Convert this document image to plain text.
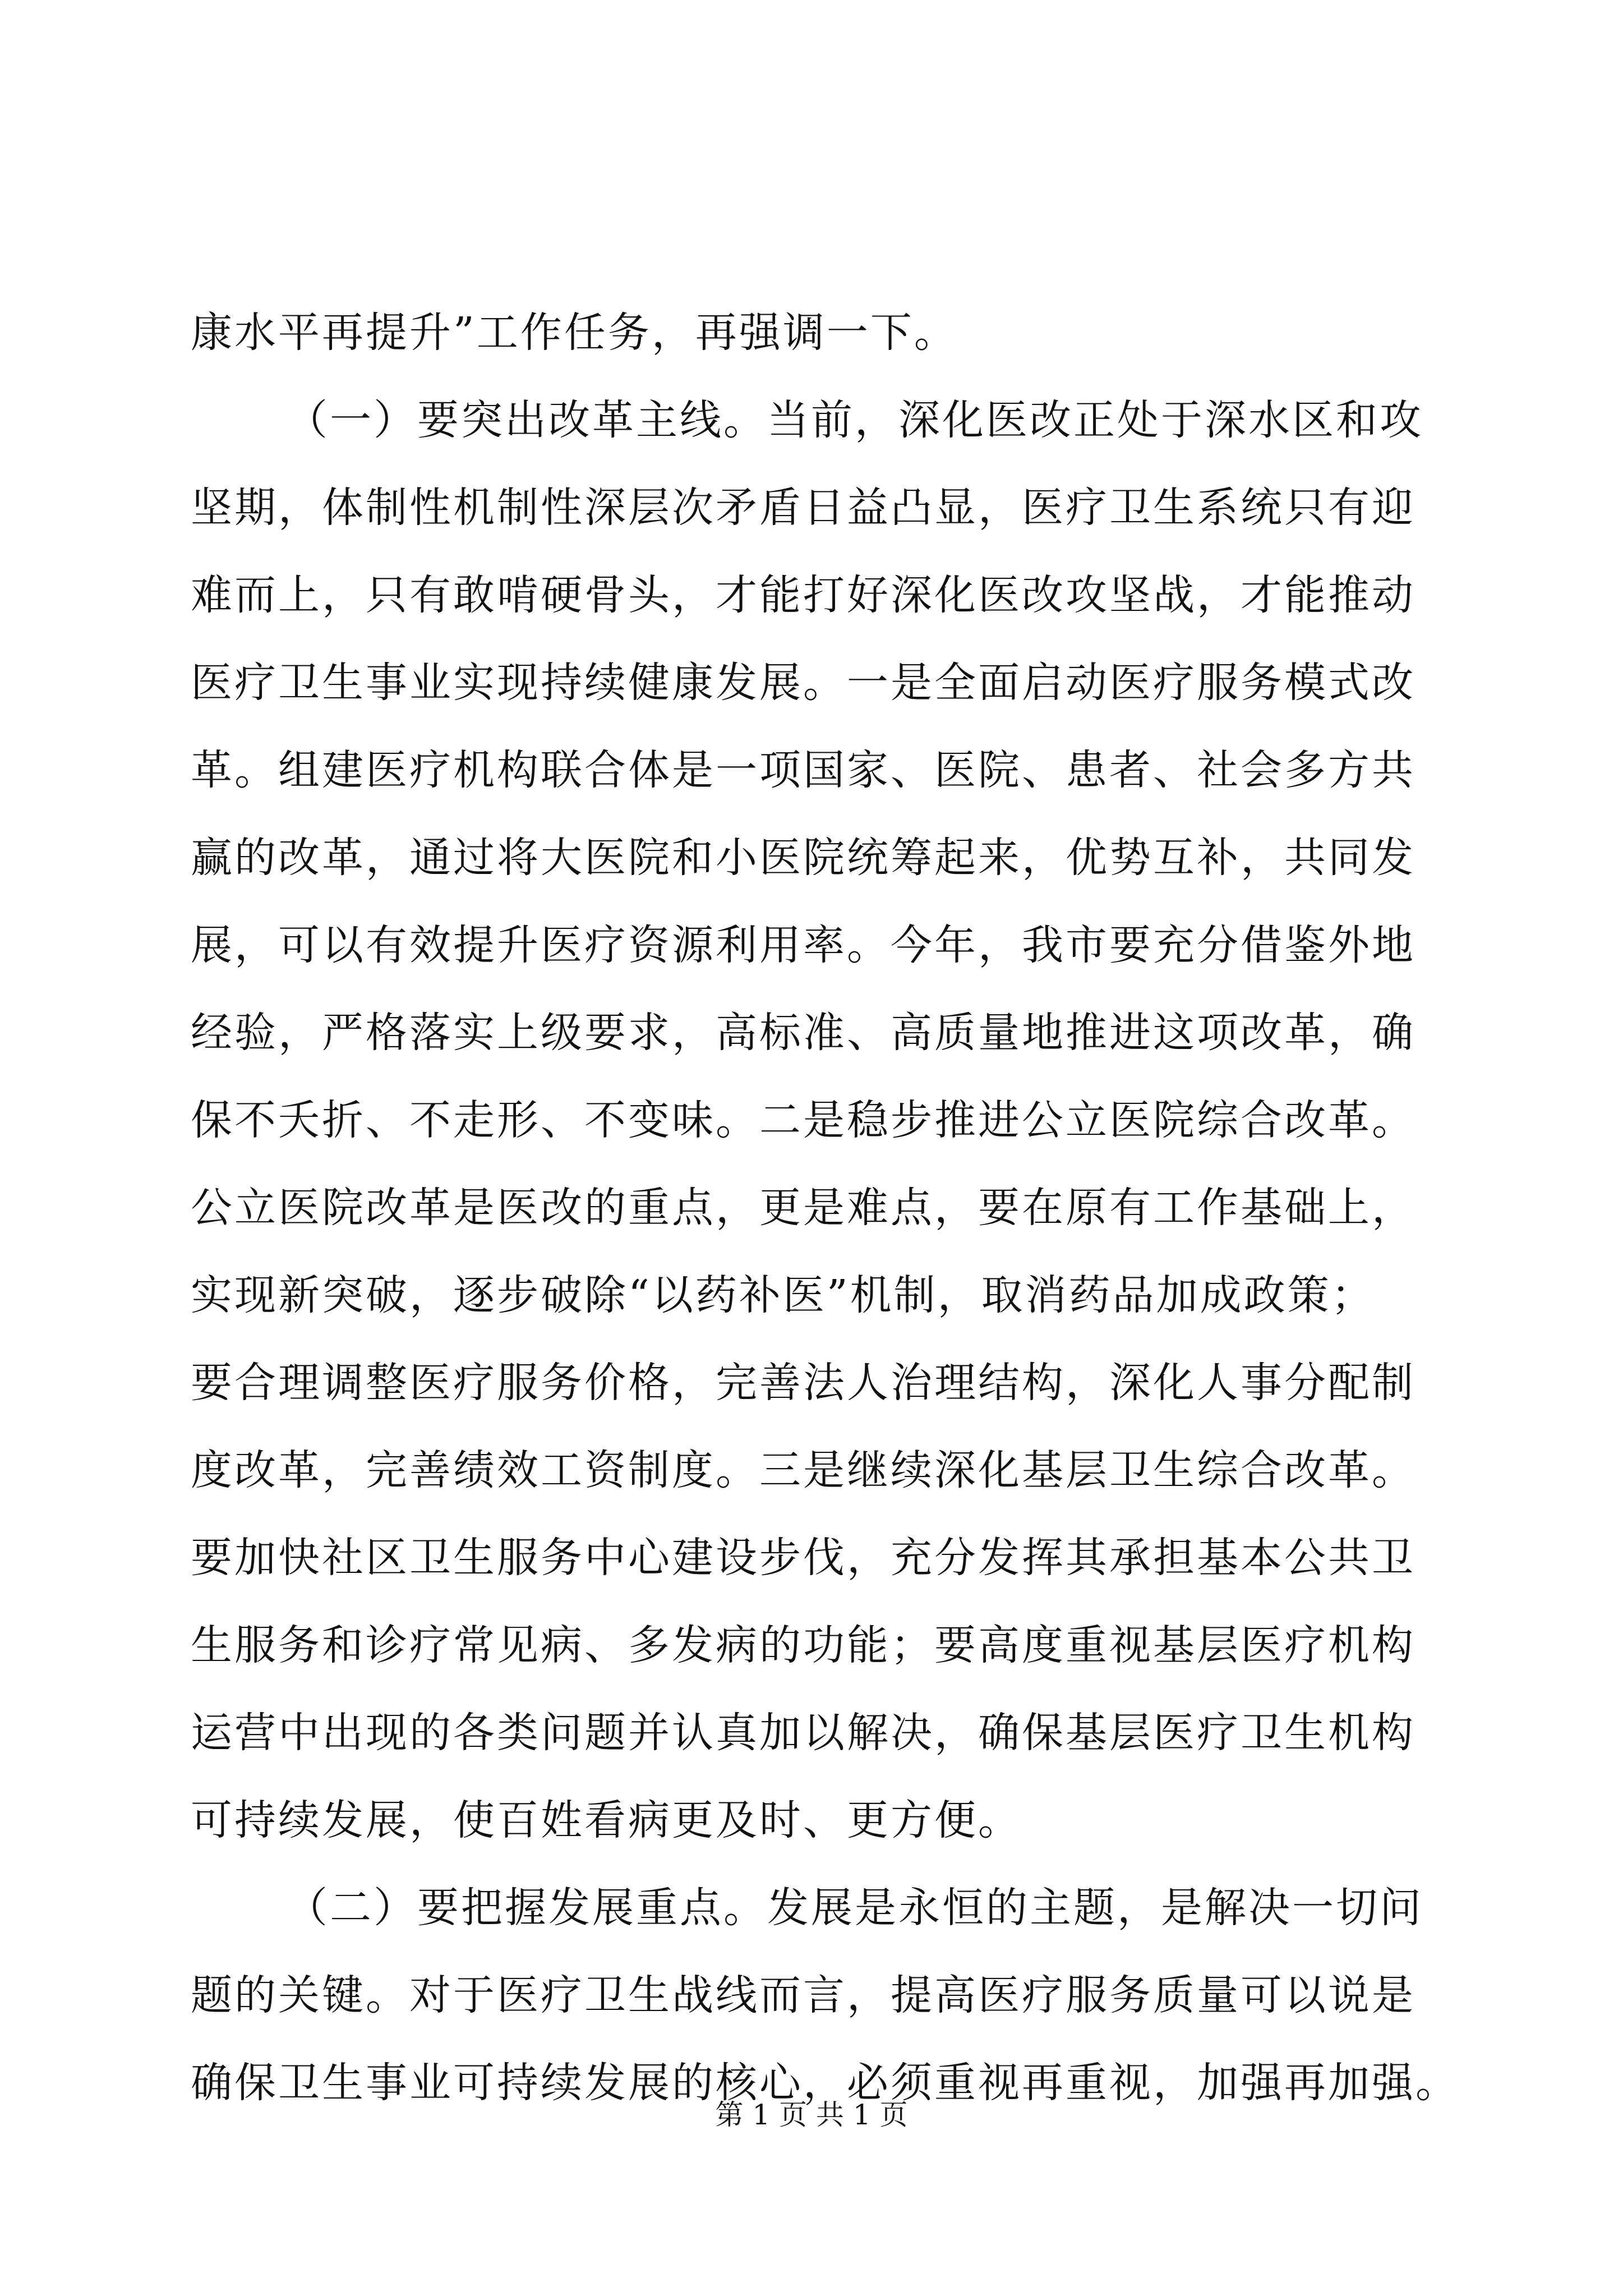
康水平再提升”工作任务，再强调一下。
（一）要突出改革主线。当前，深化医改正处于深水区和攻
坚期，体制性机制性深层次矛盾日益凸显，医疗卫生系统只有迎
难而上，只有敢啃硬骨头，才能打好深化医改攻坚战，才能推动
医疗卫生事业实现持续健康发展。一是全面启动医疗服务模式改
革。组建医疗机构联合体是一项国家、医院、患者、社会多方共
赢的改革，通过将大医院和小医院统筹起来，优势互补，共同发
展，可以有效提升医疗资源利用率。今年，我市要充分借鉴外地
经验，严格落实上级要求，高标准、高质量地推进这项改革，确
保不夭折、不走形、不变味。二是稳步推进公立医院综合改革。
公立医院改革是医改的重点，更是难点，要在原有工作基础上，
实现新突破，逐步破除“以药补医”机制，取消药品加成政策；
要合理调整医疗服务价格，完善法人治理结构，深化人事分配制
度改革，完善绩效工资制度。三是继续深化基层卫生综合改革。
要加快社区卫生服务中心建设步伐，充分发挥其承担基本公共卫
生服务和诊疗常见病、多发病的功能；要高度重视基层医疗机构
运营中出现的各类问题并认真加以解决，确保基层医疗卫生机构
可持续发展，使百姓看病更及时、更方便。
（二）要把握发展重点。发展是永恒的主题，是解决一切问
题的关键。对于医疗卫生战线而言，提高医疗服务质量可以说是
确保卫生事业可持续发展的核心，必须重视再重视，加强再加强。
第 1 页 共 1 页
